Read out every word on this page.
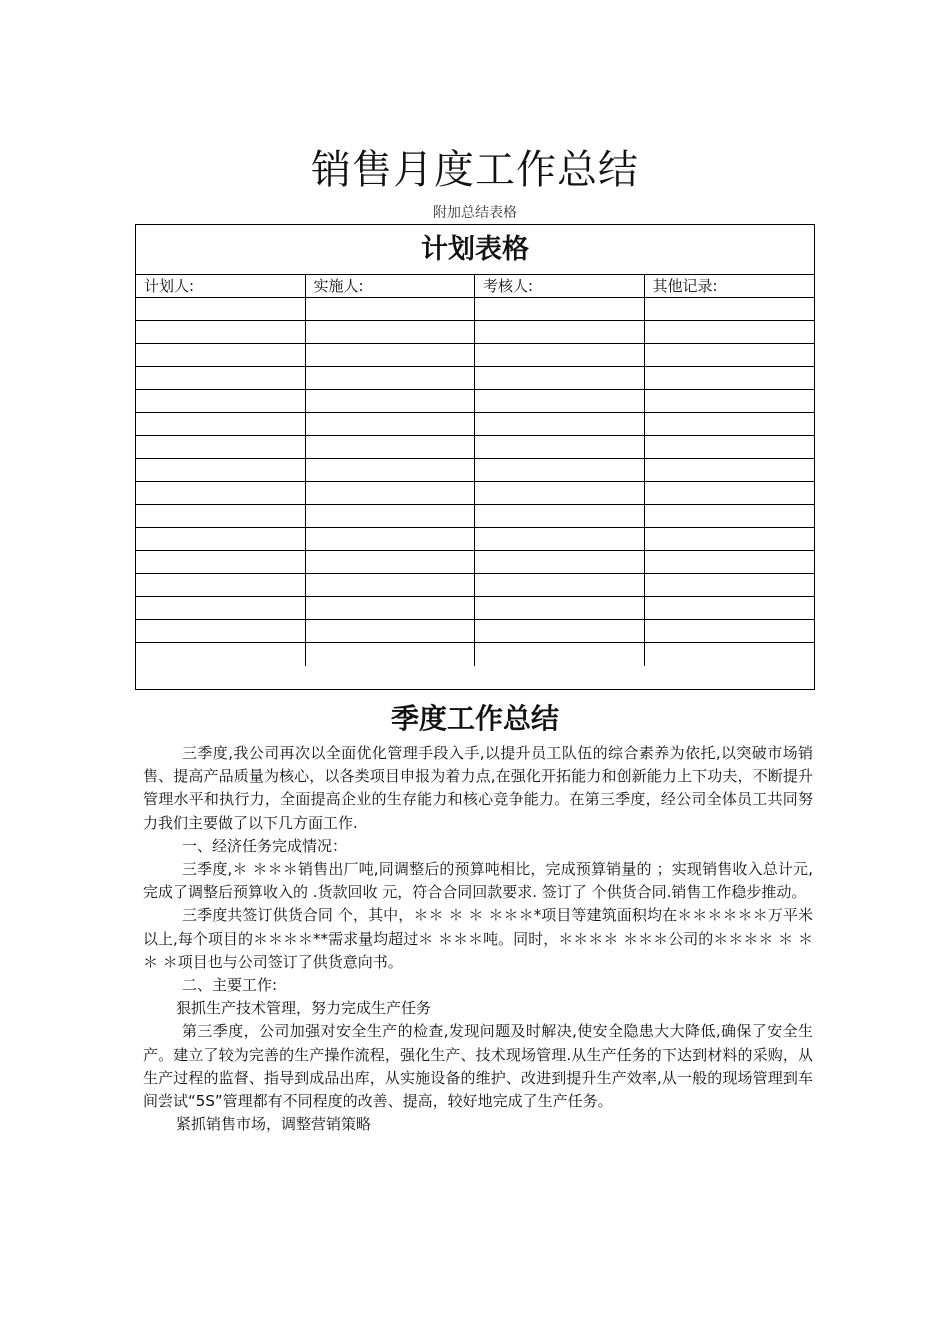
销售月度工作总结
附加总结表格
计划表格
计划人:	实施人:	考核人:	其他记录:
季度工作总结

三季度,我公司再次以全面优化管理手段入手,以提升员工队伍的综合素养为依托,以突破市场销售、提高产品质量为核心，以各类项目申报为着力点,在强化开拓能力和创新能力上下功夫，不断提升管理水平和执行力，全面提高企业的生存能力和核心竞争能力。在第三季度，经公司全体员工共同努力我们主要做了以下几方面工作.

一、经济任务完成情况：

三季度,＊ ＊＊＊销售出厂吨,同调整后的预算吨相比，完成预算销量的 ；实现销售收入总计元,完成了调整后预算收入的 .货款回收 元，符合合同回款要求. 签订了 个供货合同.销售工作稳步推动。

三季度共签订供货合同 个，其中，＊＊ ＊ ＊ ＊＊＊*项目等建筑面积均在＊＊＊＊＊＊万平米以上,每个项目的＊＊＊＊**需求量均超过＊ ＊＊＊吨。同时，＊＊＊＊ ＊＊＊公司的＊＊＊＊ ＊ ＊ ＊ ＊项目也与公司签订了供货意向书。

二、主要工作:

狠抓生产技术管理，努力完成生产任务

第三季度，公司加强对安全生产的检查,发现问题及时解决,使安全隐患大大降低,确保了安全生产。建立了较为完善的生产操作流程，强化生产、技术现场管理.从生产任务的下达到材料的采购，从生产过程的监督、指导到成品出库，从实施设备的维护、改进到提升生产效率,从一般的现场管理到车间尝试“5S”管理都有不同程度的改善、提高，较好地完成了生产任务。

紧抓销售市场，调整营销策略
